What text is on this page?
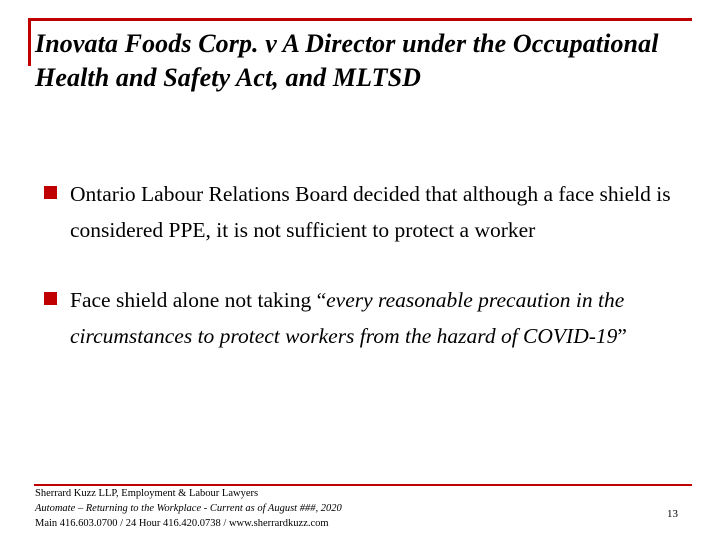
Inovata Foods Corp. v A Director under the Occupational Health and Safety Act, and MLTSD
Ontario Labour Relations Board decided that although a face shield is considered PPE, it is not sufficient to protect a worker
Face shield alone not taking “every reasonable precaution in the circumstances to protect workers from the hazard of COVID-19”
Sherrard Kuzz LLP, Employment & Labour Lawyers
Automate – Returning to the Workplace - Current as of August ###, 2020
Main 416.603.0700 / 24 Hour 416.420.0738 / www.sherrardkuzz.com
13
